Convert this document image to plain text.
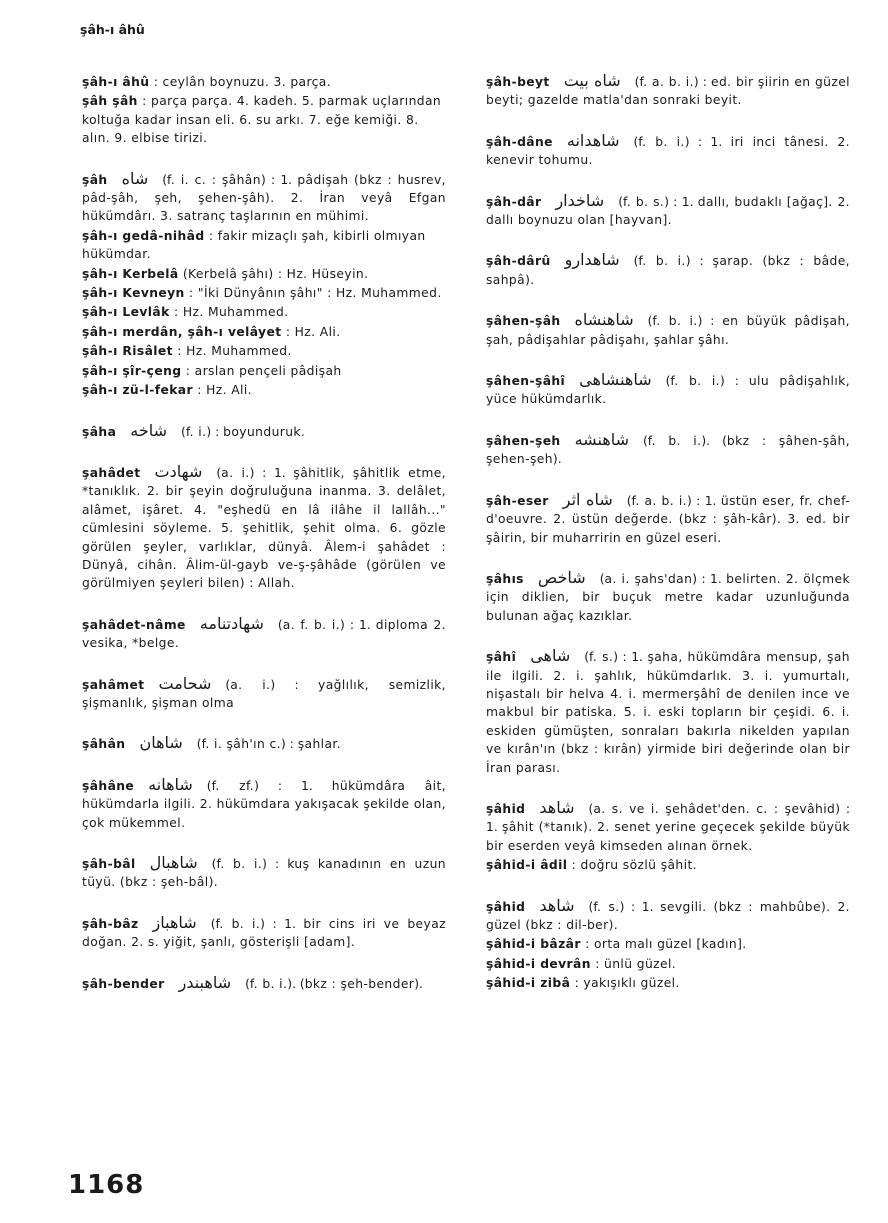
şâh-ı âhû

şâh-ı âhû : ceylân boynuzu. 3. parça.

şâh şâh : parça parça. 4. kadeh. 5. parmak uçlarından koltuğa kadar insan eli. 6. su arkı. 7. eğe kemiği. 8. alın. 9. elbise tirizi.

şâh شاه (f. i. c. : şâhân) : 1. pâdişah (bkz : husrev, pâd-şâh, şeh, şehen-şâh). 2. İran veyâ Efgan hükümdârı. 3. satranç taşlarının en mühimi.

şâh-ı gedâ-nihâd : fakir mizaçlı şah, kibirli olmıyan hükümdar.

şâh-ı Kerbelâ (Kerbelâ şâhı) : Hz. Hüseyin.

şâh-ı Kevneyn : "İki Dünyânın şâhı" : Hz. Muhammed.

şâh-ı Levlâk : Hz. Muhammed.

şâh-ı merdân, şâh-ı velâyet : Hz. Ali.

şâh-ı Risâlet : Hz. Muhammed.

şâh-ı şîr-çeng : arslan pençeli pâdişah

şâh-ı zü-l-fekar : Hz. Ali.

şâha شاخه (f. i.) : boyunduruk.

şahâdet شهادت (a. i.) : 1. şâhitlik, şâhitlik etme, *tanıklık. 2. bir şeyin doğruluğuna inanma. 3. delâlet, alâmet, işâret. 4. "eşhedü en lâ ilâhe il lallâh..." cümlesini söyleme. 5. şehitlik, şehit olma. 6. gözle görülen şeyler, varlıklar, dünyâ. Âlem-i şahâdet : Dünyâ, cihân. Âlim-ül-gayb ve-ş-şâhâde (görülen ve görülmiyen şeyleri bilen) : Allah.

şahâdet-nâme شهادتنامه (a. f. b. i.) : 1. diploma 2. vesika, *belge.

şahâmet شحامت (a. i.) : yağlılık, semizlik, şişmanlık, şişman olma

şâhân شاهان (f. i. şâh'ın c.) : şahlar.

şâhâne شاهانه (f. zf.) : 1. hükümdâra âit, hükümdarla ilgili. 2. hükümdara yakışacak şekilde olan, çok mükemmel.

şâh-bâl شاهبال (f. b. i.) : kuş kanadının en uzun tüyü. (bkz : şeh-bâl).

şâh-bâz شاهباز (f. b. i.) : 1. bir cins iri ve beyaz doğan. 2. s. yiğit, şanlı, gösterişli [adam].

şâh-bender شاهبندر (f. b. i.). (bkz : şeh-bender).

şâh-beyt شاه بیت (f. a. b. i.) : ed. bir şiirin en güzel beyti; gazelde matla'dan sonraki beyit.

şâh-dâne شاهدانه (f. b. i.) : 1. iri inci tânesi. 2. kenevir tohumu.

şâh-dâr شاخدار (f. b. s.) : 1. dallı, budaklı [ağaç]. 2. dallı boynuzu olan [hayvan].

şâh-dârû شاهدارو (f. b. i.) : şarap. (bkz : bâde, sahpâ).

şâhen-şâh شاهنشاه (f. b. i.) : en büyük pâdişah, şah, pâdişahlar pâdişahı, şahlar şâhı.

şâhen-şâhî شاهنشاهی (f. b. i.) : ulu pâdişahlık, yüce hükümdarlık.

şâhen-şeh شاهنشه (f. b. i.). (bkz : şâhen-şâh, şehen-şeh).

şâh-eser شاه اثر (f. a. b. i.) : 1. üstün eser, fr. chef-d'oeuvre. 2. üstün değerde. (bkz : şâh-kâr). 3. ed. bir şâirin, bir muharririn en güzel eseri.

şâhıs شاخص (a. i. şahs'dan) : 1. belirten. 2. ölçmek için diklien, bir buçuk metre kadar uzunluğunda bulunan ağaç kazıklar.

şâhî شاهی (f. s.) : 1. şaha, hükümdâra mensup, şah ile ilgili. 2. i. şahlık, hükümdarlık. 3. i. yumurtalı, nişastalı bir helva 4. i. mermerşâhî de denilen ince ve makbul bir patiska. 5. i. eski topların bir çeşidi. 6. i. eskiden gümüşten, sonraları bakırla nikelden yapılan ve kırân'ın (bkz : kırân) yirmide biri değerinde olan bir İran parası.

şâhid شاهد (a. s. ve i. şehâdet'den. c. : şevâhid) : 1. şâhit (*tanık). 2. senet yerine geçecek şekilde büyük bir eserden veyâ kimseden alınan örnek.

şâhid-i âdil : doğru sözlü şâhit.

şâhid شاهد (f. s.) : 1. sevgili. (bkz : mahbûbe). 2. güzel (bkz : dil-ber).

şâhid-i bâzâr : orta malı güzel [kadın].

şâhid-i devrân : ünlü güzel.

şâhid-i zibâ : yakışıklı güzel.

1168
